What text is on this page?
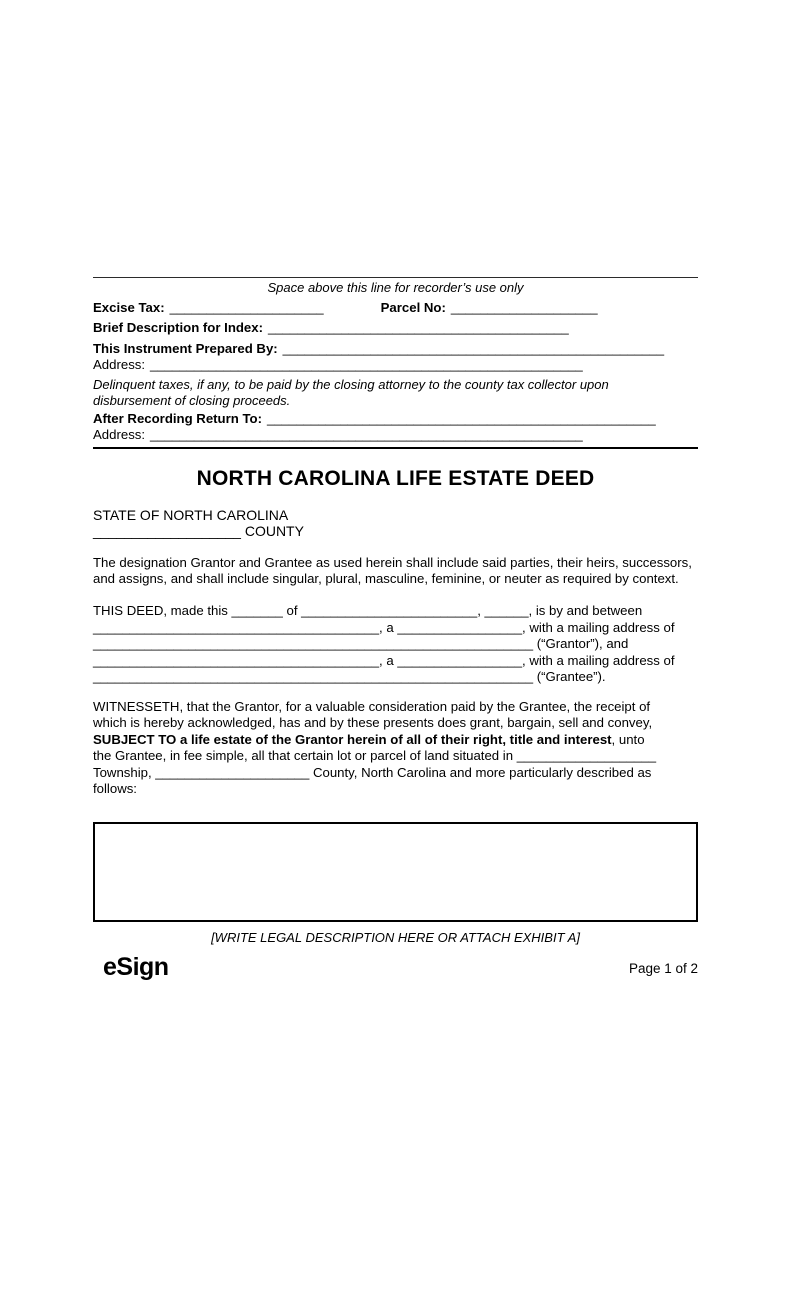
Space above this line for recorder’s use only
Excise Tax: _____________________	Parcel No: ____________________
Brief Description for Index: _________________________________________
This Instrument Prepared By: ____________________________________________________
Address: ___________________________________________________________
Delinquent taxes, if any, to be paid by the closing attorney to the county tax collector upon
disbursement of closing proceeds.
After Recording Return To: _____________________________________________________
Address: ___________________________________________________________
NORTH CAROLINA LIFE ESTATE DEED
STATE OF NORTH CAROLINA
___________________ COUNTY
The designation Grantor and Grantee as used herein shall include said parties, their heirs, successors,
and assigns, and shall include singular, plural, masculine, feminine, or neuter as required by context.
THIS DEED, made this _______ of ________________________, ______, is by and between
_______________________________________, a _________________, with a mailing address of
____________________________________________________________ (“Grantor”), and
_______________________________________, a _________________, with a mailing address of
____________________________________________________________ (“Grantee”).
WITNESSETH, that the Grantor, for a valuable consideration paid by the Grantee, the receipt of
which is hereby acknowledged, has and by these presents does grant, bargain, sell and convey,
SUBJECT TO a life estate of the Grantor herein of all of their right, title and interest, unto
the Grantee, in fee simple, all that certain lot or parcel of land situated in ___________________
Township, _____________________ County, North Carolina and more particularly described as
follows:
[WRITE LEGAL DESCRIPTION HERE OR ATTACH EXHIBIT A]
eSign	Page 1 of 2
